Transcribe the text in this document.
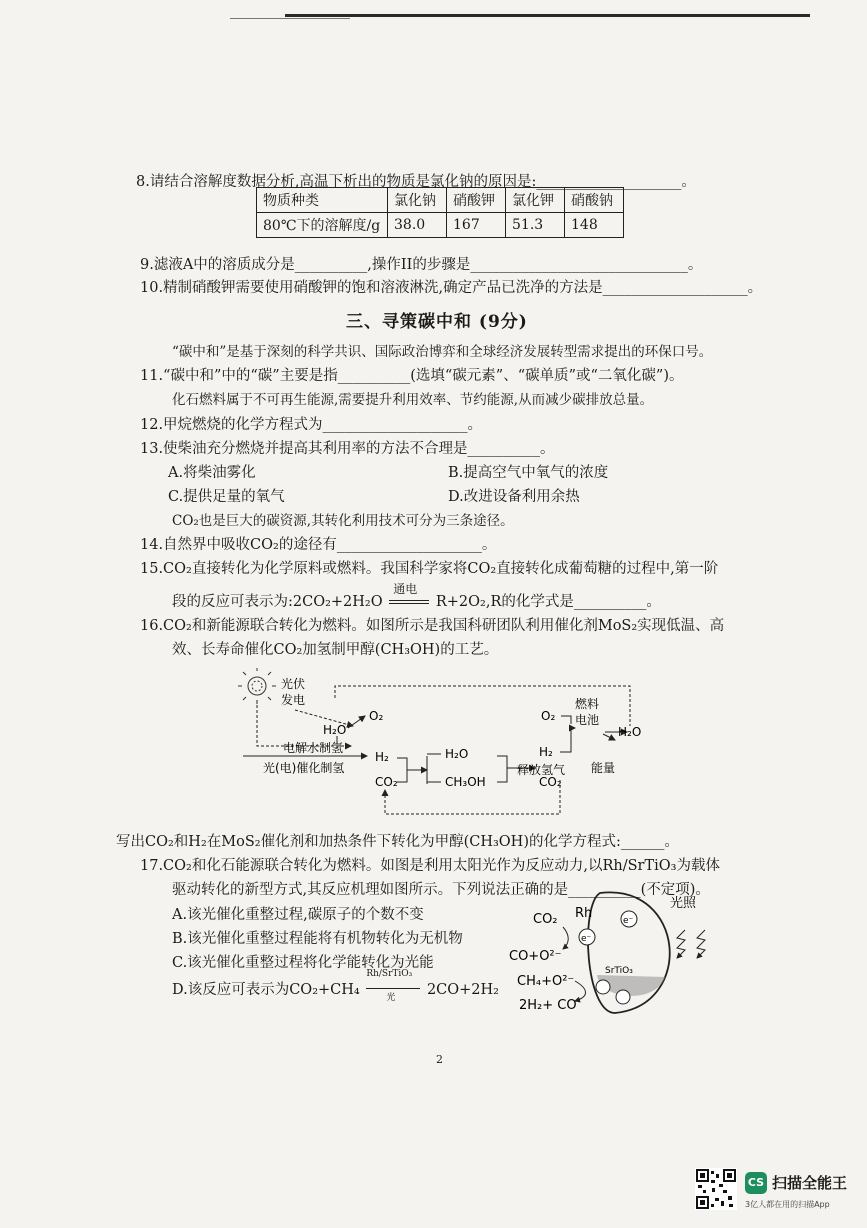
8.请结合溶解度数据分析,高温下析出的物质是氯化钠的原因是:____________________。
物质种类	氯化钠	硝酸钾	氯化钾	硝酸钠
80℃下的溶解度/g	38.0	167	51.3	148
9.滤液A中的溶质成分是__________,操作II的步骤是______________________________。
10.精制硝酸钾需要使用硝酸钾的饱和溶液淋洗,确定产品已洗净的方法是____________________。
三、寻策碳中和 (9分)
“碳中和”是基于深刻的科学共识、国际政治博弈和全球经济发展转型需求提出的环保口号。
11.“碳中和”中的“碳”主要是指__________(选填“碳元素”、“碳单质”或“二氧化碳”)。
化石燃料属于不可再生能源,需要提升利用效率、节约能源,从而减少碳排放总量。
12.甲烷燃烧的化学方程式为____________________。
13.使柴油充分燃烧并提高其利用率的方法不合理是__________。
A.将柴油雾化	B.提高空气中氧气的浓度
C.提供足量的氧气	D.改进设备利用余热
CO₂也是巨大的碳资源,其转化利用技术可分为三条途径。
14.自然界中吸收CO₂的途径有____________________。
15.CO₂直接转化为化学原料或燃料。我国科学家将CO₂直接转化成葡萄糖的过程中,第一阶
段的反应可表示为:2CO₂+2H₂O
通电
R+2O₂,R的化学式是__________。
16.CO₂和新能源联合转化为燃料。如图所示是我国科研团队利用催化剂MoS₂实现低温、高
效、长寿命催化CO₂加氢制甲醇(CH₃OH)的工艺。
光伏
发电
H₂O
O₂
电解水制氢
H₂
光(电)催化制氢
CO₂
H₂O
CH₃OH
H₂
释放氢气
CO₂
O₂
燃料
电池
H₂O
能量
写出CO₂和H₂在MoS₂催化剂和加热条件下转化为甲醇(CH₃OH)的化学方程式:______。
17.CO₂和化石能源联合转化为燃料。如图是利用太阳光作为反应动力,以Rh/SrTiO₃为载体
驱动转化的新型方式,其反应机理如图所示。下列说法正确的是__________(不定项)。
A.该光催化重整过程,碳原子的个数不变
B.该光催化重整过程能将有机物转化为无机物
C.该光催化重整过程将化学能转化为光能
D.该反应可表示为CO₂+CH₄
Rh/SrTiO₃
光 2CO+2H₂
CO₂ Rh
光照
CO+O²⁻
e⁻
e⁻
CH₄+O²⁻
SrTiO₃
2H₂+ CO
2
CS 扫描全能王
3亿人都在用的扫描App
